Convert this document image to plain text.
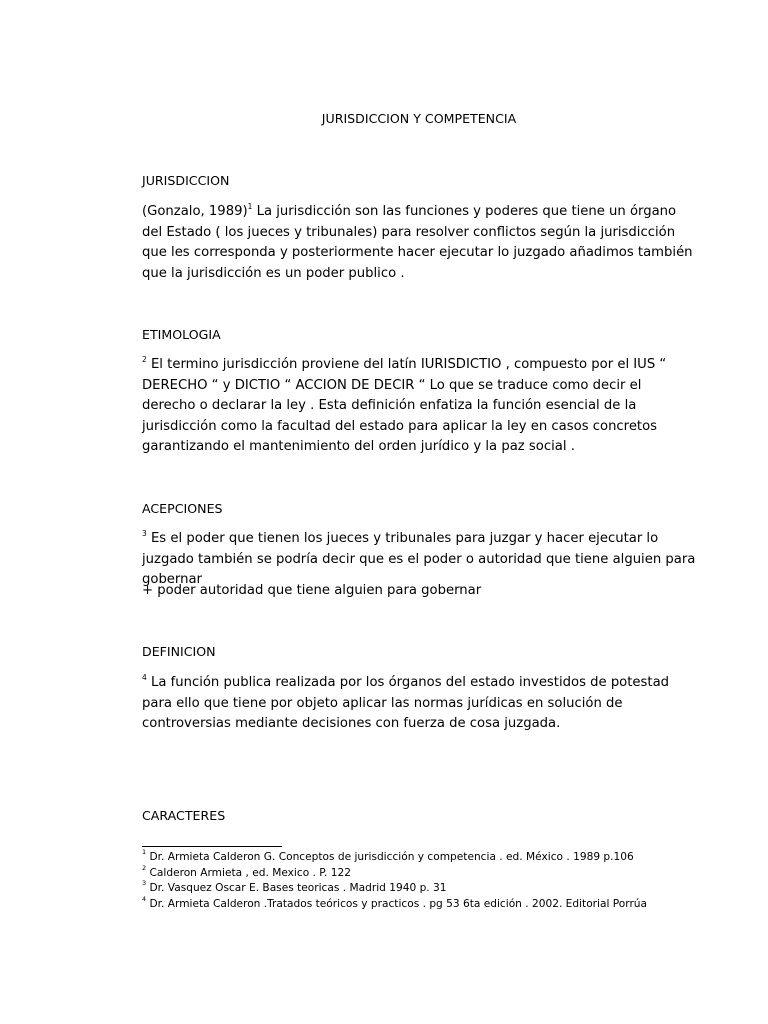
JURISDICCION Y COMPETENCIA
JURISDICCION

(Gonzalo, 1989)$^1$ La jurisdicción son las funciones y poderes que tiene un órgano del Estado ( los jueces y tribunales) para resolver conflictos según la jurisdicción que les corresponda y posteriormente hacer ejecutar lo juzgado añadimos también que la jurisdicción es un poder publico .

ETIMOLOGIA

$^2$ El termino jurisdicción proviene del latín IURISDICTIO , compuesto por el IUS “ DERECHO “ y DICTIO “ ACCION DE DECIR “ Lo que se traduce como decir el derecho o declarar la ley . Esta definición enfatiza la función esencial de la jurisdicción como la facultad del estado para aplicar la ley en casos concretos garantizando el mantenimiento del orden jurídico y la paz social .

ACEPCIONES

$^3$ Es el poder que tienen los jueces y tribunales para juzgar y hacer ejecutar lo juzgado también se podría decir que es el poder o autoridad que tiene alguien para gobernar

+ poder autoridad que tiene alguien para gobernar

DEFINICION

$^4$ La función publica realizada por los órganos del estado investidos de potestad para ello que tiene por objeto aplicar las normas jurídicas en solución de controversias mediante decisiones con fuerza de cosa juzgada.

CARACTERES
$^1$ Dr. Armieta Calderon G. Conceptos de jurisdicción y competencia . ed. México . 1989 p.106
$^2$ Calderon Armieta , ed. Mexico . P. 122
$^3$ Dr. Vasquez Oscar E. Bases teoricas . Madrid 1940 p. 31
$^4$ Dr. Armieta Calderon .Tratados teóricos y practicos . pg 53 6ta edición . 2002. Editorial Porrúa
